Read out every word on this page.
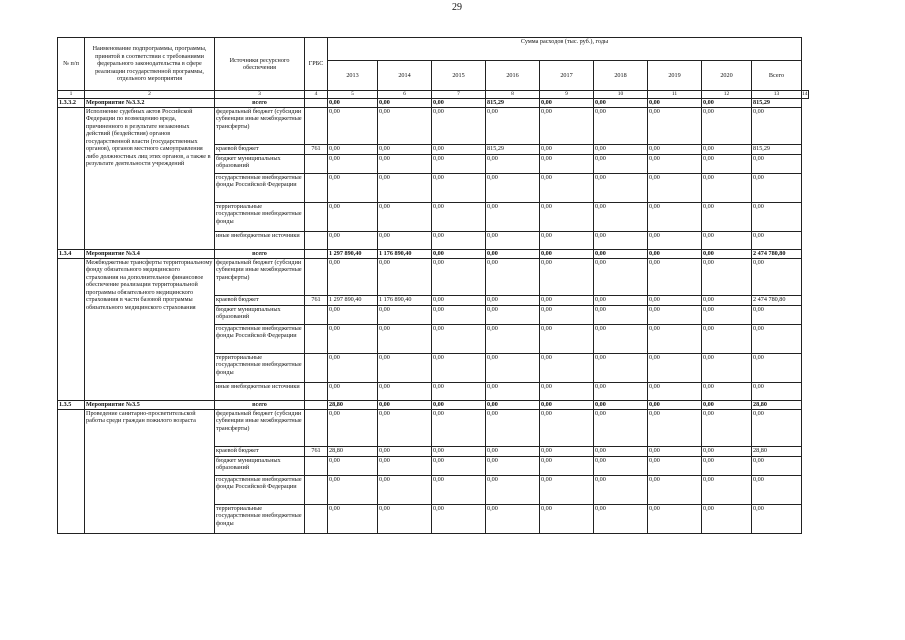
29
№ п/п	Наименование подпрограммы, программы, принятой в соответствии с требованиями федерального законодательства в сфере реализации государственной программы, отдельного мероприятия	Источники ресурсного обеспечения	ГРБС	Сумма расходов (тыс. руб.), годы									
				2013	2014	2015	2016	2017	2018	2019	2020	Всего	
1	2	3	4	5	6	7	8	9	10	11	12	13	14
1.3.3.2	Мероприятие №3.3.2	всего		0,00	0,00	0,00	815,29	0,00	0,00	0,00	0,00	815,29	
	Исполнение судебных актов Российской Федерации по возмещению вреда, причиненного в результате незаконных действий (бездействия) органов государственной власти (государственных органов), органов местного самоуправления либо должностных лиц этих органов, а также в результате деятельности учреждений	федеральный бюджет (субсидии субвенции иные межбюджетные трансферты)		0,00	0,00	0,00	0,00	0,00	0,00	0,00	0,00	0,00	
		краевой бюджет	761	0,00	0,00	0,00	815,29	0,00	0,00	0,00	0,00	815,29	
		бюджет муниципальных образований		0,00	0,00	0,00	0,00	0,00	0,00	0,00	0,00	0,00	
		государственные внебюджетные фонды Российской Федерации		0,00	0,00	0,00	0,00	0,00	0,00	0,00	0,00	0,00	
		территориальные государственные внебюджетные фонды		0,00	0,00	0,00	0,00	0,00	0,00	0,00	0,00	0,00	
		иные внебюджетные источники		0,00	0,00	0,00	0,00	0,00	0,00	0,00	0,00	0,00	
1.3.4	Мероприятие №3.4	всего		1 297 890,40	1 176 890,40	0,00	0,00	0,00	0,00	0,00	0,00	2 474 780,80	
	Межбюджетные трансферты территориальному фонду обязательного медицинского страхования на дополнительное финансовое обеспечение реализации территориальной программы обязательного медицинского страхования в части базовой программы обязательного медицинского страхования	федеральный бюджет (субсидии субвенции иные межбюджетные трансферты)		0,00	0,00	0,00	0,00	0,00	0,00	0,00	0,00	0,00	
		краевой бюджет	761	1 297 890,40	1 176 890,40	0,00	0,00	0,00	0,00	0,00	0,00	2 474 780,80	
		бюджет муниципальных образований		0,00	0,00	0,00	0,00	0,00	0,00	0,00	0,00	0,00	
		государственные внебюджетные фонды Российской Федерации		0,00	0,00	0,00	0,00	0,00	0,00	0,00	0,00	0,00	
		территориальные государственные внебюджетные фонды		0,00	0,00	0,00	0,00	0,00	0,00	0,00	0,00	0,00	
		иные внебюджетные источники		0,00	0,00	0,00	0,00	0,00	0,00	0,00	0,00	0,00	
1.3.5	Мероприятие №3.5	всего		28,80	0,00	0,00	0,00	0,00	0,00	0,00	0,00	28,80	
	Проведение санитарно-просветительской работы среди граждан пожилого возраста	федеральный бюджет (субсидии субвенции иные межбюджетные трансферты)		0,00	0,00	0,00	0,00	0,00	0,00	0,00	0,00	0,00	
		краевой бюджет	761	28,80	0,00	0,00	0,00	0,00	0,00	0,00	0,00	28,80	
		бюджет муниципальных образований		0,00	0,00	0,00	0,00	0,00	0,00	0,00	0,00	0,00	
		государственные внебюджетные фонды Российской Федерации		0,00	0,00	0,00	0,00	0,00	0,00	0,00	0,00	0,00	
		территориальные государственные внебюджетные фонды		0,00	0,00	0,00	0,00	0,00	0,00	0,00	0,00	0,00	
